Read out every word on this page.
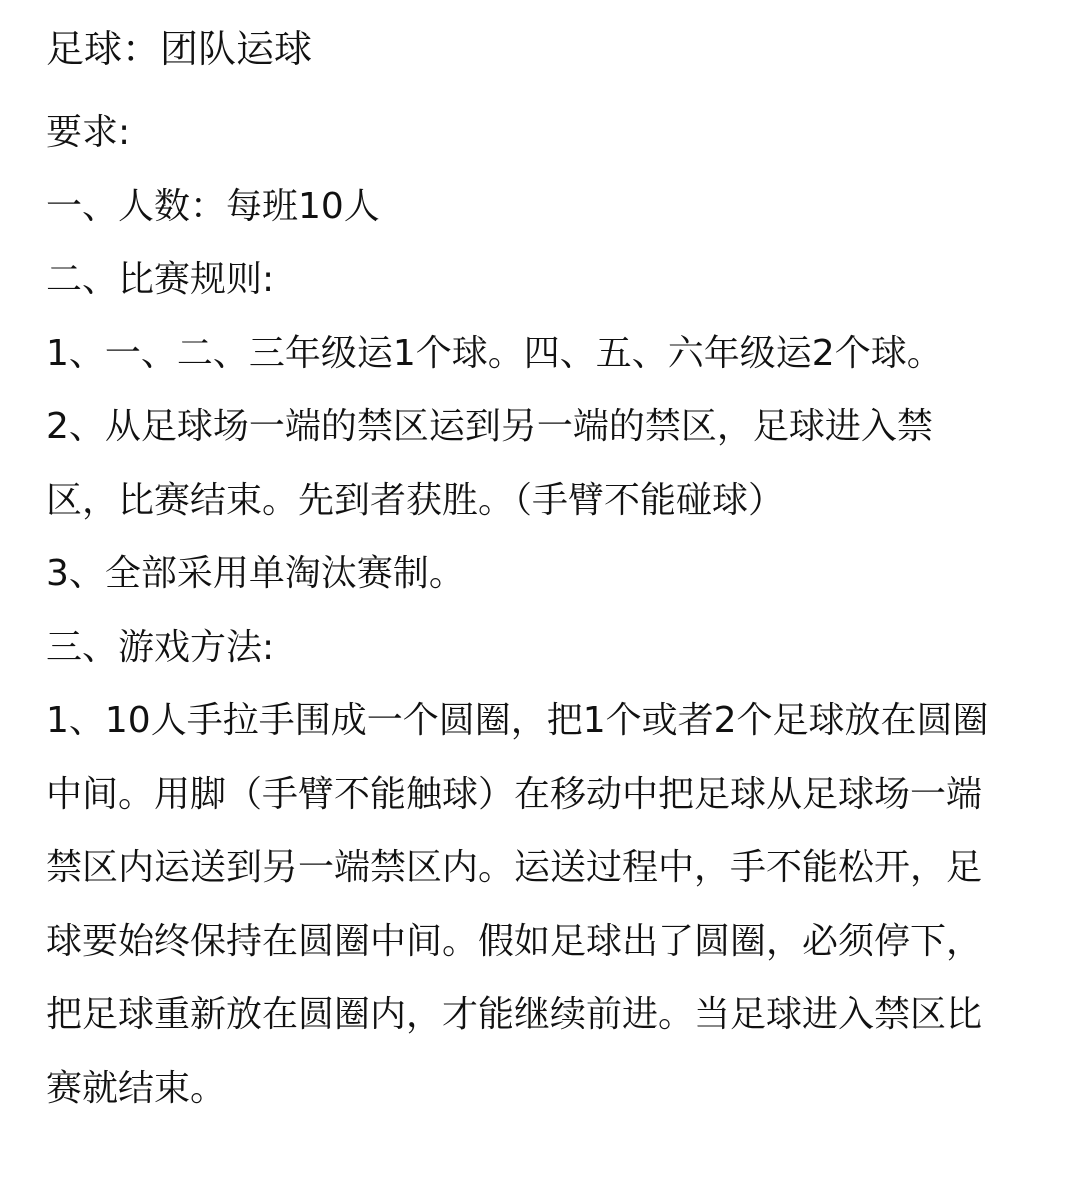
足球：团队运球
要求:
一、人数：每班10人
二、比赛规则:
1、一、二、三年级运1个球。四、五、六年级运2个球。
2、从足球场一端的禁区运到另一端的禁区，足球进入禁
区，比赛结束。先到者获胜。（手臂不能碰球）
3、全部采用单淘汰赛制。
三、游戏方法:
1、10人手拉手围成一个圆圈，把1个或者2个足球放在圆圈
中间。用脚（手臂不能触球）在移动中把足球从足球场一端
禁区内运送到另一端禁区内。运送过程中，手不能松开，足
球要始终保持在圆圈中间。假如足球出了圆圈，必须停下，
把足球重新放在圆圈内，才能继续前进。当足球进入禁区比
赛就结束。
